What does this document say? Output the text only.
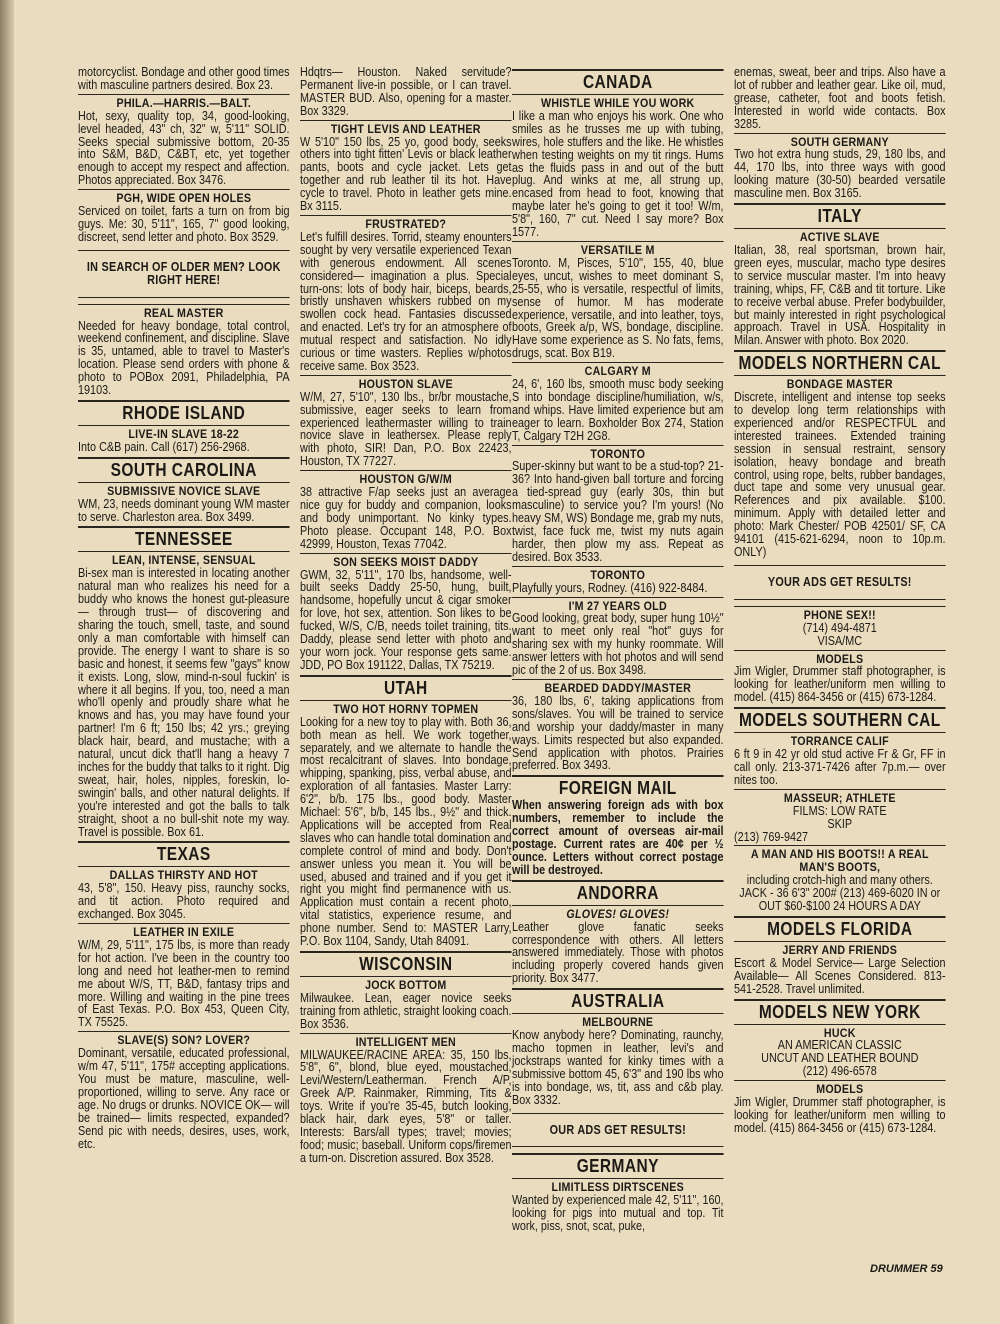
motorcyclist. Bondage and other good times with masculine partners desired. Box 23.
PHILA.—HARRIS.—BALT.
Hot, sexy, quality top, 34, good-looking, level headed, 43" ch, 32" w, 5'11" SOLID. Seeks special submissive bottom, 20-35 into S&M, B&D, C&BT, etc, yet together enough to accept my respect and affection. Photos appreciated. Box 3476.
PGH, WIDE OPEN HOLES
Serviced on toilet, farts a turn on from big guys. Me: 30, 5'11", 165, 7" good looking, discreet, send letter and photo. Box 3529.
IN SEARCH OF OLDER MEN? LOOK RIGHT HERE!
REAL MASTER
Needed for heavy bondage, total control, weekend confinement, and discipline. Slave is 35, untamed, able to travel to Master's location. Please send orders with phone & photo to POBox 2091, Philadelphia, PA 19103.
RHODE ISLAND
LIVE-IN SLAVE 18-22
Into C&B pain. Call (617) 256-2968.
SOUTH CAROLINA
SUBMISSIVE NOVICE SLAVE
WM, 23, needs dominant young WM master to serve. Charleston area. Box 3499.
TENNESSEE
LEAN, INTENSE, SENSUAL
Bi-sex man is interested in locating another natural man who realizes his need for a buddy who knows the honest gut-pleasure— through trust— of discovering and sharing the touch, smell, taste, and sound only a man comfortable with himself can provide. The energy I want to share is so basic and honest, it seems few "gays" know it exists. Long, slow, mind-n-soul fuckin' is where it all begins. If you, too, need a man who'll openly and proudly share what he knows and has, you may have found your partner! I'm 6 ft; 150 lbs; 42 yrs.; greying black hair, beard, and mustache; with a natural, uncut dick that'll hang a heavy 7 inches for the buddy that talks to it right. Dig sweat, hair, holes, nipples, foreskin, lo-swingin' balls, and other natural delights. If you're interested and got the balls to talk straight, shoot a no bull-shit note my way. Travel is possible. Box 61.
TEXAS
DALLAS THIRSTY AND HOT
43, 5'8", 150. Heavy piss, raunchy socks, and tit action. Photo required and exchanged. Box 3045.
LEATHER IN EXILE
W/M, 29, 5'11", 175 lbs, is more than ready for hot action. I've been in the country too long and need hot leather-men to remind me about W/S, TT, B&D, fantasy trips and more. Willing and waiting in the pine trees of East Texas. P.O. Box 453, Queen City, TX 75525.
SLAVE(S) SON? LOVER?
Dominant, versatile, educated professional, w/m 47, 5'11", 175# accepting applications. You must be mature, masculine, well-proportioned, willing to serve. Any race or age. No drugs or drunks. NOVICE OK— will be trained— limits respected, expanded? Send pic with needs, desires, uses, work, etc.
Hdqtrs— Houston. Naked servitude? Permanent live-in possible, or I can travel. MASTER BUD. Also, opening for a master. Box 3329.
TIGHT LEVIS AND LEATHER
W 5'10" 150 lbs, 25 yo, good body, seeks others into tight fitten' Levis or black leather pants, boots and cycle jacket. Lets get together and rub leather til its hot. Have cycle to travel. Photo in leather gets mine. Bx 3115.
FRUSTRATED?
Let's fulfill desires. Torrid, steamy enounters sought by very versatile experienced Texan with generous endowment. All scenes considered— imagination a plus. Special turn-ons: lots of body hair, biceps, beards, bristly unshaven whiskers rubbed on my swollen cock head. Fantasies discussed and enacted. Let's try for an atmosphere of mutual respect and satisfaction. No idly curious or time wasters. Replies w/photos receive same. Box 3523.
HOUSTON SLAVE
W/M, 27, 5'10", 130 lbs., br/br moustache, submissive, eager seeks to learn from experienced leathermaster willing to train novice slave in leathersex. Please reply with photo, SIR! Dan, P.O. Box 22423, Houston, TX 77227.
HOUSTON G/W/M
38 attractive F/ap seeks just an average nice guy for buddy and companion, looks and body unimportant. No kinky types. Photo please. Occupant 148, P.O. Box 42999, Houston, Texas 77042.
SON SEEKS MOIST DADDY
GWM, 32, 5'11", 170 lbs, handsome, well-built seeks Daddy 25-50, hung, built, handsome, hopefully uncut & cigar smoker for love, hot sex, attention. Son likes to be fucked, W/S, C/B, needs toilet training, tits. Daddy, please send letter with photo and your worn jock. Your response gets same. JDD, PO Box 191122, Dallas, TX 75219.
UTAH
TWO HOT HORNY TOPMEN
Looking for a new toy to play with. Both 36, both mean as hell. We work together, separately, and we alternate to handle the most recalcitrant of slaves. Into bondage, whipping, spanking, piss, verbal abuse, and exploration of all fantasies. Master Larry: 6'2", b/b. 175 lbs., good body. Master Michael: 5'6", b/b, 145 lbs., 9½" and thick. Applications will be accepted from Real slaves who can handle total domination and complete control of mind and body. Don't answer unless you mean it. You will be used, abused and trained and if you get it right you might find permanence with us. Application must contain a recent photo, vital statistics, experience resume, and phone number. Send to: MASTER Larry, P.O. Box 1104, Sandy, Utah 84091.
WISCONSIN
JOCK BOTTOM
Milwaukee. Lean, eager novice seeks training from athletic, straight looking coach. Box 3536.
INTELLIGENT MEN
MILWAUKEE/RACINE AREA: 35, 150 lbs, 5'8", 6", blond, blue eyed, moustached, Levi/Western/Leatherman. French A/P, Greek A/P. Rainmaker, Rimming, Tits & toys. Write if you're 35-45, butch looking, black hair, dark eyes, 5'8" or taller. Interests: Bars/all types; travel; movies; food; music; baseball. Uniform cops/firemen a turn-on. Discretion assured. Box 3528.
CANADA
WHISTLE WHILE YOU WORK
I like a man who enjoys his work. One who smiles as he trusses me up with tubing, wires, hole stuffers and the like. He whistles when testing weights on my tit rings. Hums as the fluids pass in and out of the butt plug. And winks at me, all strung up, encased from head to foot, knowing that maybe later he's going to get it too! W/m, 5'8", 160, 7" cut. Need I say more? Box 1577.
VERSATILE M
Toronto. M, Pisces, 5'10", 155, 40, blue eyes, uncut, wishes to meet dominant S, 25-55, who is versatile, respectful of limits, sense of humor. M has moderate experience, versatile, and into leather, toys, boots, Greek a/p, WS, bondage, discipline. Have some experience as S. No fats, fems, drugs, scat. Box B19.
CALGARY M
24, 6', 160 lbs, smooth musc body seeking S into bondage discipline/humiliation, w/s, and whips. Have limited experience but am eager to learn. Boxholder Box 274, Station T, Calgary T2H 2G8.
TORONTO
Super-skinny but want to be a stud-top? 21-36? Into hand-given ball torture and forcing a tied-spread guy (early 30s, thin but masculine) to service you? I'm yours! (No heavy SM, WS) Bondage me, grab my nuts, twist, face fuck me, twist my nuts again harder, then plow my ass. Repeat as desired. Box 3533.
TORONTO
Playfully yours, Rodney. (416) 922-8484.
I'M 27 YEARS OLD
Good looking, great body, super hung 10½" want to meet only real "hot" guys for sharing sex with my hunky roommate. Will answer letters with hot photos and will send pic of the 2 of us. Box 3498.
BEARDED DADDY/MASTER
36, 180 lbs, 6', taking applications from sons/slaves. You will be trained to service and worship your daddy/master in many ways. Limits respected but also expanded. Send application with photos. Prairies preferred. Box 3493.
FOREIGN MAIL
When answering foreign ads with box numbers, remember to include the correct amount of overseas air-mail postage. Current rates are 40¢ per ½ ounce. Letters without correct postage will be destroyed.
ANDORRA
GLOVES! GLOVES!
Leather glove fanatic seeks correspondence with others. All letters answered immediately. Those with photos including properly covered hands given priority. Box 3477.
AUSTRALIA
MELBOURNE
Know anybody here? Dominating, raunchy, macho topmen in leather, levi's and jockstraps wanted for kinky times with a submissive bottom 45, 6'3" and 190 lbs who is into bondage, ws, tit, ass and c&b play. Box 3332.
OUR ADS GET RESULTS!
GERMANY
LIMITLESS DIRTSCENES
Wanted by experienced male 42, 5'11", 160, looking for pigs into mutual and top. Tit work, piss, snot, scat, puke,
enemas, sweat, beer and trips. Also have a lot of rubber and leather gear. Like oil, mud, grease, catheter, foot and boots fetish. Interested in world wide contacts. Box 3285.
SOUTH GERMANY
Two hot extra hung studs, 29, 180 lbs, and 44, 170 lbs, into three ways with good looking mature (30-50) bearded versatile masculine men. Box 3165.
ITALY
ACTIVE SLAVE
Italian, 38, real sportsman, brown hair, green eyes, muscular, macho type desires to service muscular master. I'm into heavy training, whips, FF, C&B and tit torture. Like to receive verbal abuse. Prefer bodybuilder, but mainly interested in right psychological approach. Travel in USA. Hospitality in Milan. Answer with photo. Box 2020.
MODELS NORTHERN CAL
BONDAGE MASTER
Discrete, intelligent and intense top seeks to develop long term relationships with experienced and/or RESPECTFUL and interested trainees. Extended training session in sensual restraint, sensory isolation, heavy bondage and breath control, using rope, belts, rubber bandages, duct tape and some very unusual gear. References and pix available. $100. minimum. Apply with detailed letter and photo: Mark Chester/ POB 42501/ SF, CA 94101 (415-621-6294, noon to 10p.m. ONLY)
YOUR ADS GET RESULTS!
PHONE SEX!!
(714) 494-4871
VISA/MC
MODELS
Jim Wigler, Drummer staff photographer, is looking for leather/uniform men willing to model. (415) 864-3456 or (415) 673-1284.
MODELS SOUTHERN CAL
TORRANCE CALIF
6 ft 9 in 42 yr old stud active Fr & Gr, FF in call only. 213-371-7426 after 7p.m.— over nites too.
MASSEUR; ATHLETE
FILMS: LOW RATE
SKIP
(213) 769-9427
A MAN AND HIS BOOTS!! A REAL MAN'S BOOTS,
including crotch-high and many others. JACK - 36 6'3" 200# (213) 469-6020 IN or OUT $60-$100 24 HOURS A DAY
MODELS FLORIDA
JERRY AND FRIENDS
Escort & Model Service— Large Selection Available— All Scenes Considered. 813-541-2528. Travel unlimited.
MODELS NEW YORK
HUCK
AN AMERICAN CLASSIC
UNCUT AND LEATHER BOUND
(212) 496-6578
MODELS
Jim Wigler, Drummer staff photographer, is looking for leather/uniform men willing to model. (415) 864-3456 or (415) 673-1284.
DRUMMER 59
